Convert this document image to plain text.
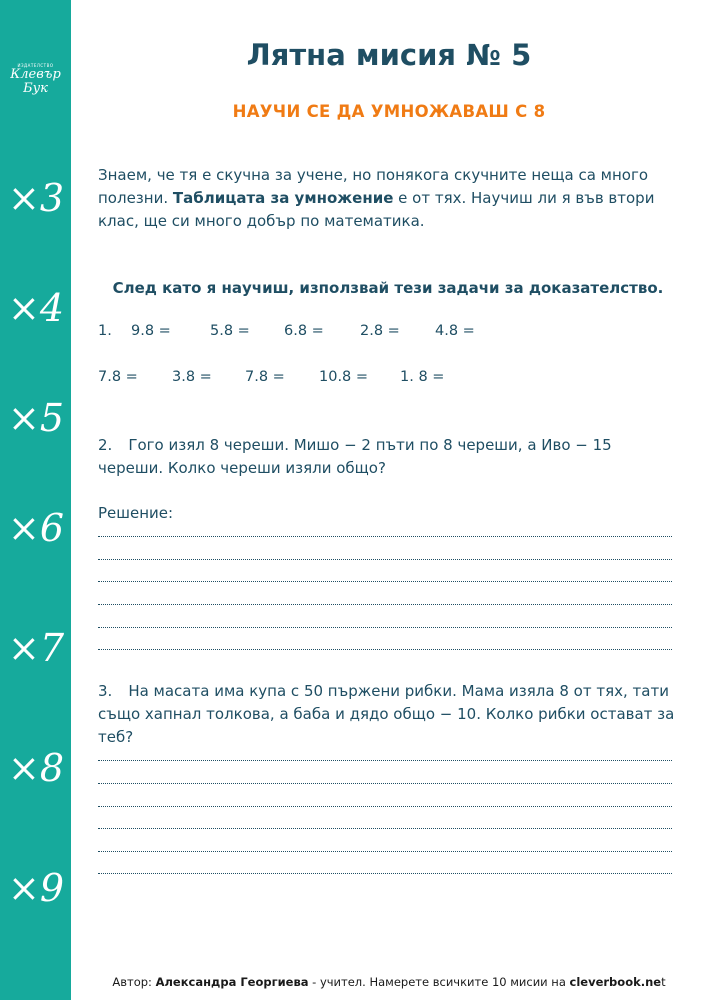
ИЗДАТЕЛСТВО
Клевър
Бук
×3
×4
×5
×6
×7
×8
×9
Лятна мисия № 5
НАУЧИ СЕ ДА УМНОЖАВАШ С 8
Знаем, че тя е скучна за учене, но понякога скучните неща са много полезни. Таблицата за умножение е от тях. Научиш ли я във втори клас, ще си много добър по математика.
След като я научиш, използвай тези задачи за доказателство.
1. 9.8 =	5.8 = 6.8 = 2.8 = 4.8 =
7.8 = 3.8 = 7.8 = 10.8 = 1. 8 =
2. Гого изял 8 череши. Мишо − 2 пъти по 8 череши, а Иво − 15 череши. Колко череши изяли общо?
Решение:
3. На масата има купа с 50 пържени рибки. Мама изяла 8 от тях, тати също хапнал толкова, а баба и дядо общо − 10. Колко рибки остават за теб?
Автор: Александра Георгиева - учител. Намерете всичките 10 мисии на cleverbook.net
